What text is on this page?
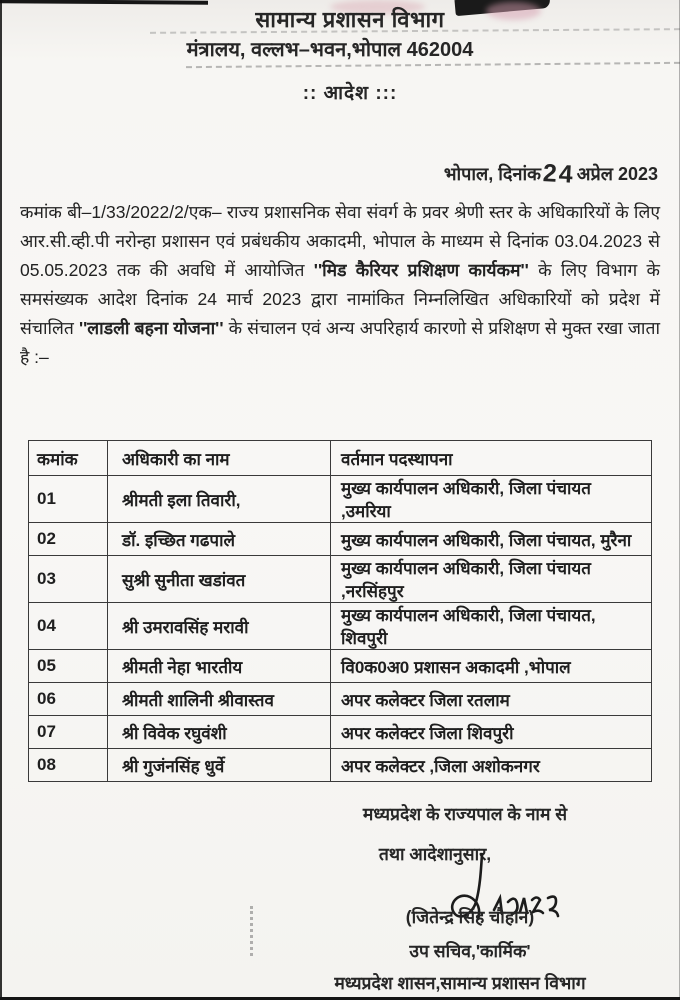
सामान्य प्रशासन विभाग
मंत्रालय, वल्लभ–भवन,भोपाल 462004
:: आदेश :::
भोपाल, दिनांक24अप्रेल 2023
कमांक बी–1/33/2022/2/एक– राज्य प्रशासनिक सेवा संवर्ग के प्रवर श्रेणी स्तर के अधिकारियों के लिए आर.सी.व्ही.पी नरोन्हा प्रशासन एवं प्रबंधकीय अकादमी, भोपाल के माध्यम से दिनांक 03.04.2023 से 05.05.2023 तक की अवधि में आयोजित ''मिड कैरियर प्रशिक्षण कार्यकम'' के लिए विभाग के समसंख्यक आदेश दिनांक 24 मार्च 2023 द्वारा नामांकित निम्नलिखित अधिकारियों को प्रदेश में संचालित ''लाडली बहना योजना'' के संचालन एवं अन्य अपरिहार्य कारणो से प्रशिक्षण से मुक्त रखा जाता है :–
कमांक	अधिकारी का नाम	वर्तमान पदस्थापना
01	श्रीमती इला तिवारी,	मुख्य कार्यपालन अधिकारी, जिला पंचायत ,उमरिया
02	डॉ. इच्छित गढपाले	मुख्य कार्यपालन अधिकारी, जिला पंचायत, मुरैना
03	सुश्री सुनीता खडांवत	मुख्य कार्यपालन अधिकारी, जिला पंचायत ,नरसिंहपुर
04	श्री उमरावसिंह मरावी	मुख्य कार्यपालन अधिकारी, जिला पंचायत, शिवपुरी
05	श्रीमती नेहा भारतीय	वि0क0अ0 प्रशासन अकादमी ,भोपाल
06	श्रीमती शालिनी श्रीवास्तव	अपर कलेक्टर जिला रतलाम
07	श्री विवेक रघुवंशी	अपर कलेक्टर जिला शिवपुरी
08	श्री गुजंनसिंह धुर्वे	अपर कलेक्टर ,जिला अशोकनगर
मध्यप्रदेश के राज्यपाल के नाम से
तथा आदेशानुसार,
(जितेन्द्र सिंह चौहान)
उप सचिव,'कार्मिक'
मध्यप्रदेश शासन,सामान्य प्रशासन विभाग
